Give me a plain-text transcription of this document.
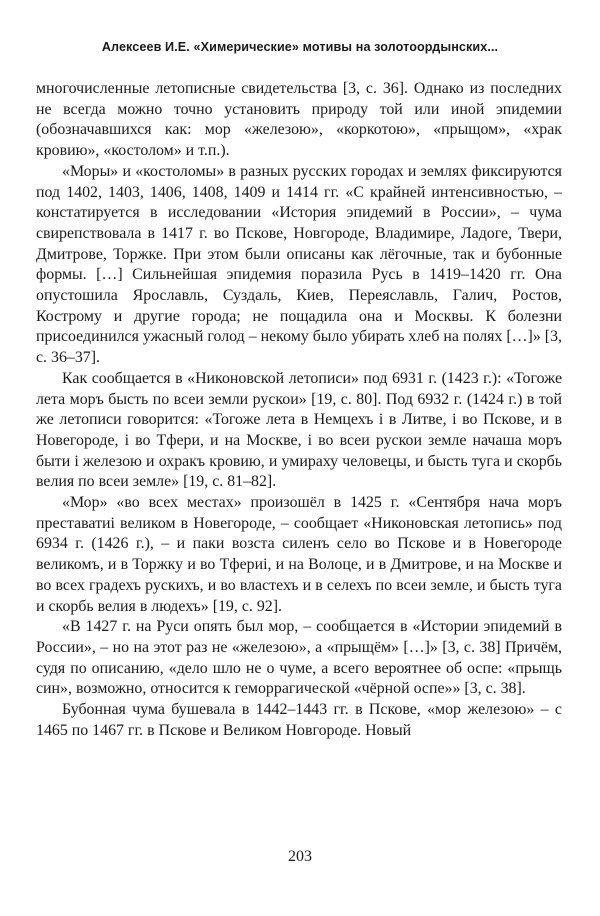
Алексеев И.Е. «Химерические» мотивы на золотоордынских...

многочисленные летописные свидетельства [3, с. 36]. Однако из последних не всегда можно точно установить природу той или иной эпидемии (обозначавшихся как: мор «железою», «коркотою», «прыщом», «храк кровию», «костолом» и т.п.).

«Моры» и «костоломы» в разных русских городах и землях фиксируются под 1402, 1403, 1406, 1408, 1409 и 1414 гг. «С крайней интенсивностью, – констатируется в исследовании «История эпидемий в России», – чума свирепствовала в 1417 г. во Пскове, Новгороде, Владимире, Ладоге, Твери, Дмитрове, Торжке. При этом были описаны как лёгочные, так и бубонные формы. […] Сильнейшая эпидемия поразила Русь в 1419–1420 гг. Она опустошила Ярославль, Суздаль, Киев, Переяславль, Галич, Ростов, Кострому и другие города; не пощадила она и Москвы. К болезни присоединился ужасный голод – некому было убирать хлеб на полях […]» [3, с. 36–37].

Как сообщается в «Никоновской летописи» под 6931 г. (1423 г.): «Тогоже лета моръ бысть по всеи земли рускои» [19, с. 80]. Под 6932 г. (1424 г.) в той же летописи говорится: «Тогоже лета в Немцехъ і в Литве, і во Пскове, и в Новегороде, і во Тфери, и на Москве, і во всеи рускои земле начаша моръ быти і железою и охракъ кровию, и умираху человецы, и бысть туга и скорбь велия по всеи земле» [19, с. 81–82].

«Мор» «во всех местах» произошёл в 1425 г. «Сентября нача моръ преставатиі великом в Новегороде, – сообщает «Никоновская летопись» под 6934 г. (1426 г.), – и паки возста силенъ село во Пскове и в Новегороде великомъ, и в Торжку и во Тфериі, и на Волоце, и в Дмитрове, и на Москве и во всех градехъ рускихъ, и во властехъ и в селехъ по всеи земле, и бысть туга и скорбь велия в людехъ» [19, с. 92].

«В 1427 г. на Руси опять был мор, – сообщается в «Истории эпидемий в России», – но на этот раз не «железою», а «прыщём» […]» [3, с. 38] Причём, судя по описанию, «дело шло не о чуме, а всего вероятнее об оспе: «прыщь син», возможно, относится к геморрагической «чёрной оспе»» [3, с. 38].

Бубонная чума бушевала в 1442–1443 гг. в Пскове, «мор железою» – с 1465 по 1467 гг. в Пскове и Великом Новгороде. Новый

203
